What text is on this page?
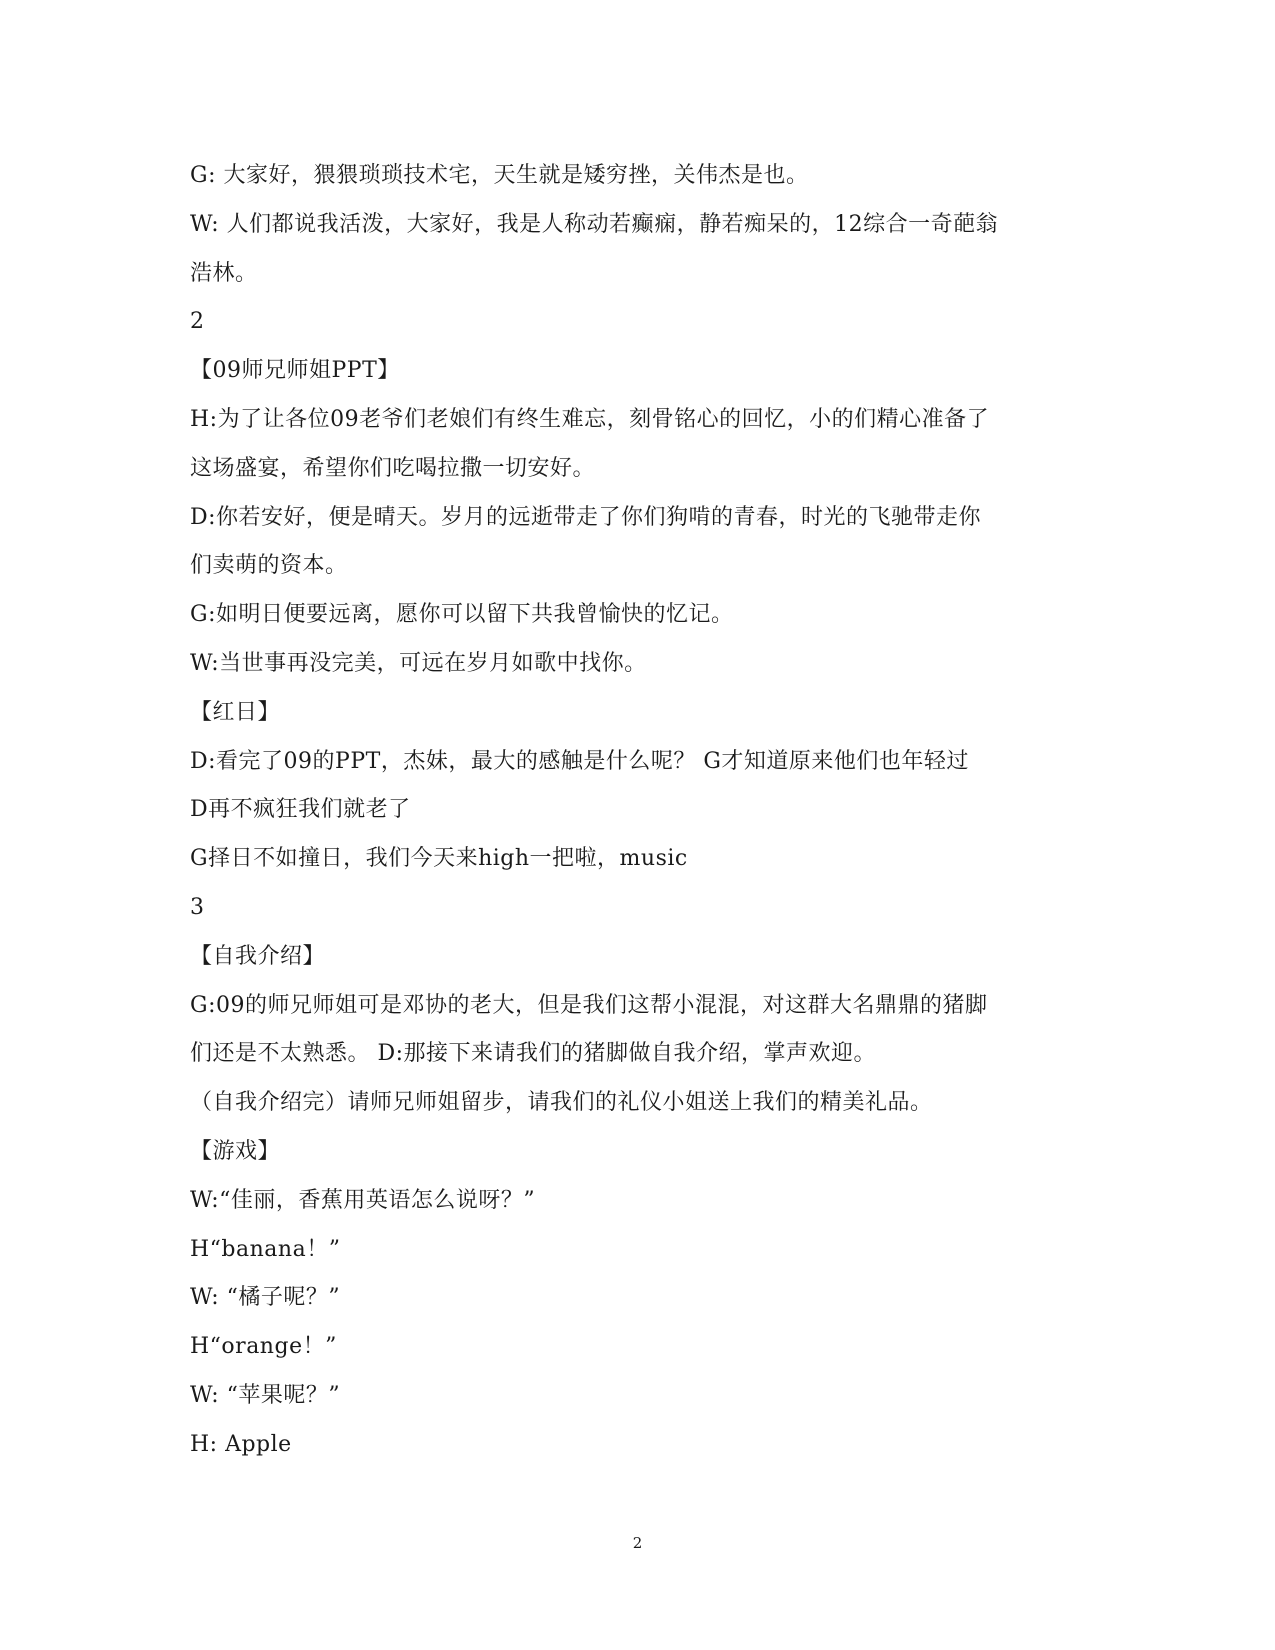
G: 大家好，猥猥琐琐技术宅，天生就是矮穷挫，关伟杰是也。
W: 人们都说我活泼，大家好，我是人称动若癫痫，静若痴呆的，12综合一奇葩翁
浩林。
2
【09师兄师姐PPT】
H:为了让各位09老爷们老娘们有终生难忘，刻骨铭心的回忆，小的们精心准备了
这场盛宴，希望你们吃喝拉撒一切安好。
D:你若安好，便是晴天。岁月的远逝带走了你们狗啃的青春，时光的飞驰带走你
们卖萌的资本。
G:如明日便要远离，愿你可以留下共我曾愉快的忆记。
W:当世事再没完美，可远在岁月如歌中找你。
【红日】
D:看完了09的PPT，杰妹，最大的感触是什么呢？ G才知道原来他们也年轻过
D再不疯狂我们就老了
G择日不如撞日，我们今天来high一把啦，music
3
【自我介绍】
G:09的师兄师姐可是邓协的老大，但是我们这帮小混混，对这群大名鼎鼎的猪脚
们还是不太熟悉。 D:那接下来请我们的猪脚做自我介绍，掌声欢迎。
（自我介绍完）请师兄师姐留步，请我们的礼仪小姐送上我们的精美礼品。
【游戏】
W:“佳丽，香蕉用英语怎么说呀？”
H“banana！”
W: “橘子呢？”
H“orange！”
W: “苹果呢？”
H: Apple
2
